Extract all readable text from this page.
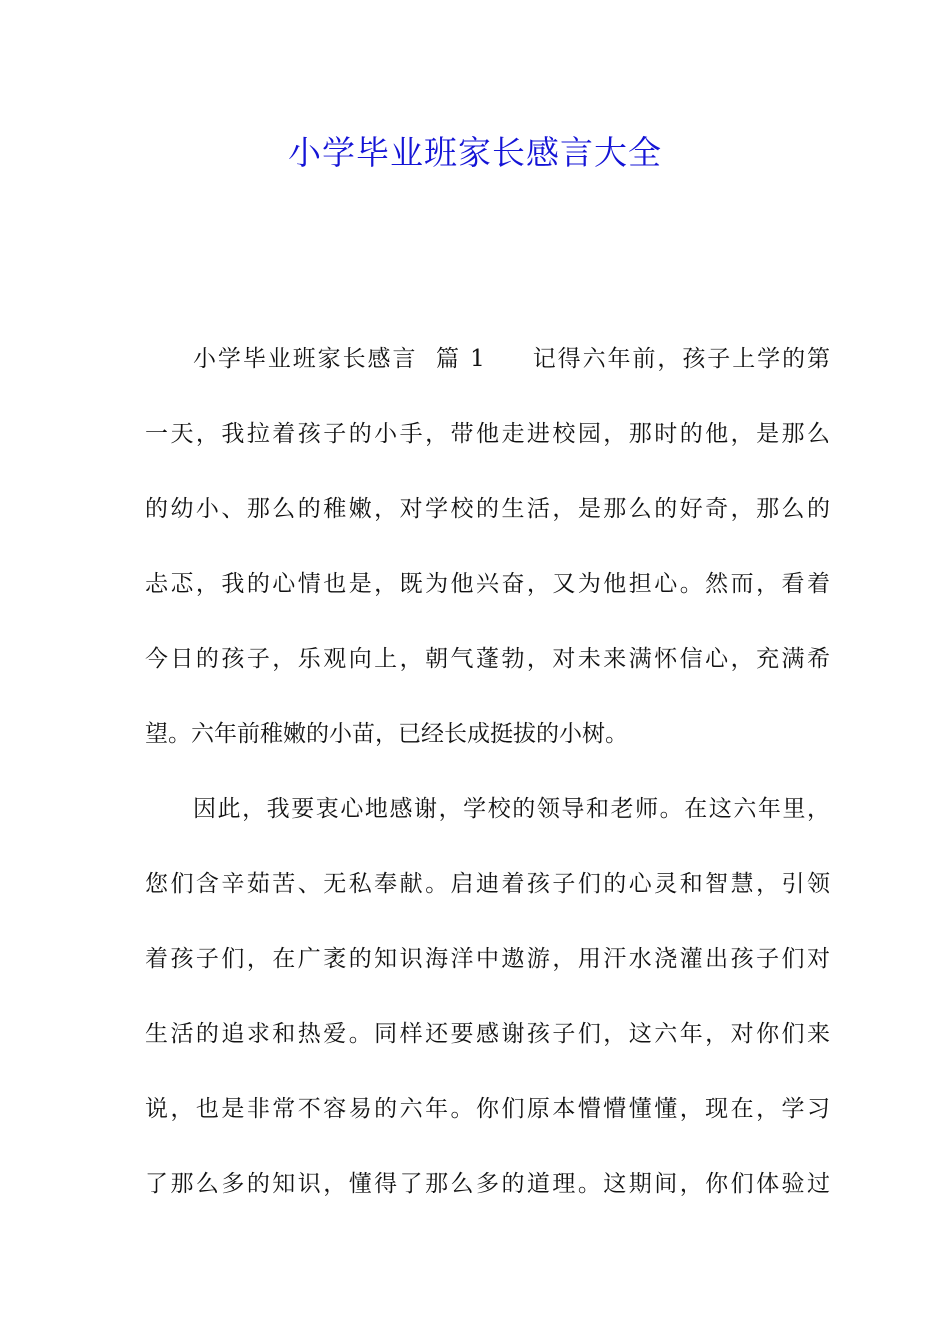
小学毕业班家长感言大全
小学毕业班家长感言 篇 1 记得六年前，孩子上学的第
一天，我拉着孩子的小手，带他走进校园，那时的他，是那么
的幼小、那么的稚嫩，对学校的生活，是那么的好奇，那么的
忐忑，我的心情也是，既为他兴奋，又为他担心。然而，看着
今日的孩子，乐观向上，朝气蓬勃，对未来满怀信心，充满希
望。六年前稚嫩的小苗，已经长成挺拔的小树。
因此，我要衷心地感谢，学校的领导和老师。在这六年里，
您们含辛茹苦、无私奉献。启迪着孩子们的心灵和智慧，引领
着孩子们，在广袤的知识海洋中遨游，用汗水浇灌出孩子们对
生活的追求和热爱。同样还要感谢孩子们，这六年，对你们来
说，也是非常不容易的六年。你们原本懵懵懂懂，现在，学习
了那么多的知识，懂得了那么多的道理。这期间，你们体验过
